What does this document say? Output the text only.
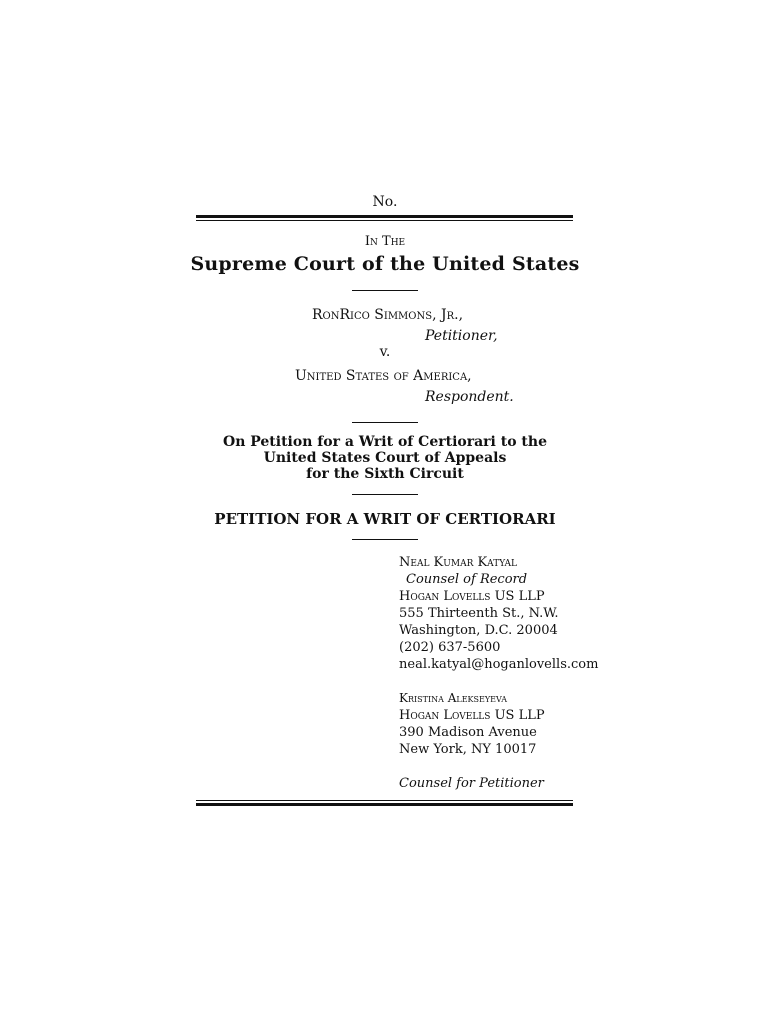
No.
In The
Supreme Court of the United States
RonRico Simmons, Jr.,
Petitioner,
v.
United States of America,
Respondent.
On Petition for a Writ of Certiorari to the
United States Court of Appeals
for the Sixth Circuit
PETITION FOR A WRIT OF CERTIORARI
Neal Kumar Katyal
Counsel of Record
Hogan Lovells US LLP
555 Thirteenth St., N.W.
Washington, D.C. 20004
(202) 637-5600
neal.katyal@hoganlovells.com
Kristina Alekseyeva
Hogan Lovells US LLP
390 Madison Avenue
New York, NY 10017
Counsel for Petitioner
